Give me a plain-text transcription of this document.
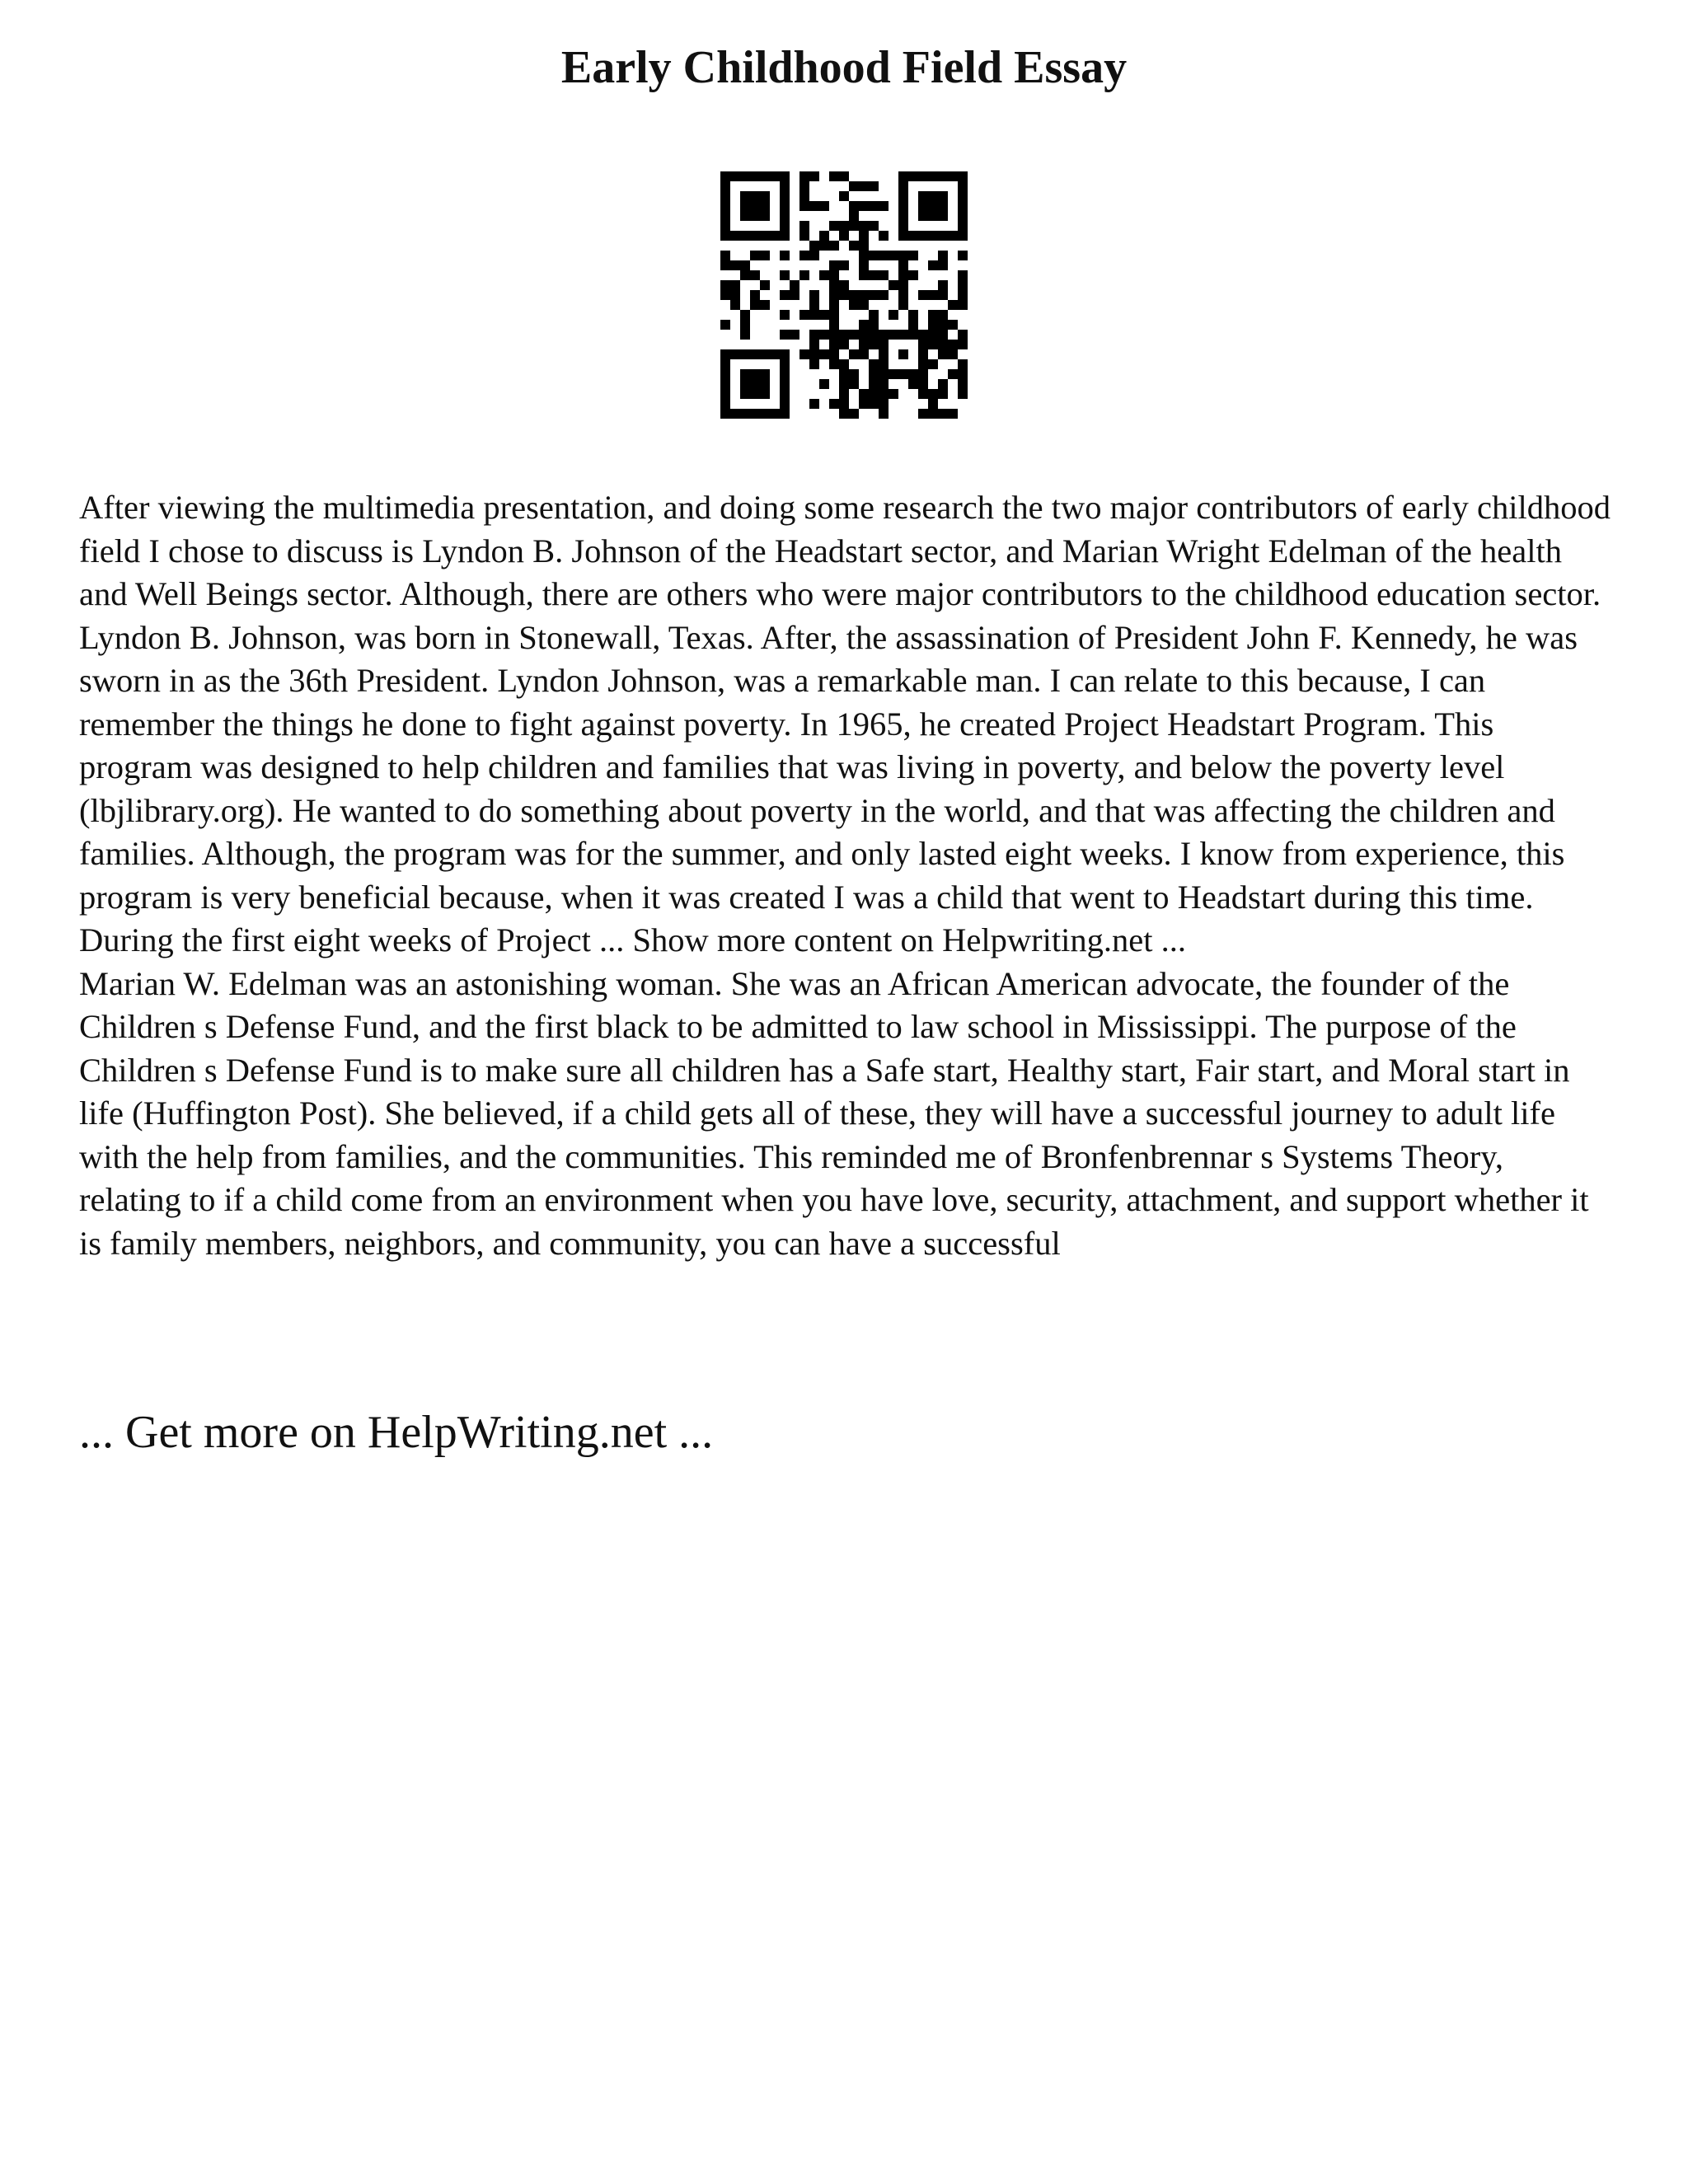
Early Childhood Field Essay

After viewing the multimedia presentation, and doing some research the two major contributors of early childhood field I chose to discuss is Lyndon B. Johnson of the Headstart sector, and Marian Wright Edelman of the health and Well Beings sector. Although, there are others who were major contributors to the childhood education sector. Lyndon B. Johnson, was born in Stonewall, Texas. After, the assassination of President John F. Kennedy, he was sworn in as the 36th President. Lyndon Johnson, was a remarkable man. I can relate to this because, I can remember the things he done to fight against poverty. In 1965, he created Project Headstart Program. This program was designed to help children and families that was living in poverty, and below the poverty level (lbjlibrary.org). He wanted to do something about poverty in the world, and that was affecting the children and families. Although, the program was for the summer, and only lasted eight weeks. I know from experience, this program is very beneficial because, when it was created I was a child that went to Headstart during this time. During the first eight weeks of Project ... Show more content on Helpwriting.net ...

Marian W. Edelman was an astonishing woman. She was an African American advocate, the founder of the Children s Defense Fund, and the first black to be admitted to law school in Mississippi. The purpose of the Children s Defense Fund is to make sure all children has a Safe start, Healthy start, Fair start, and Moral start in life (Huffington Post). She believed, if a child gets all of these, they will have a successful journey to adult life with the help from families, and the communities. This reminded me of Bronfenbrennar s Systems Theory, relating to if a child come from an environment when you have love, security, attachment, and support whether it is family members, neighbors, and community, you can have a successful

... Get more on HelpWriting.net ...
